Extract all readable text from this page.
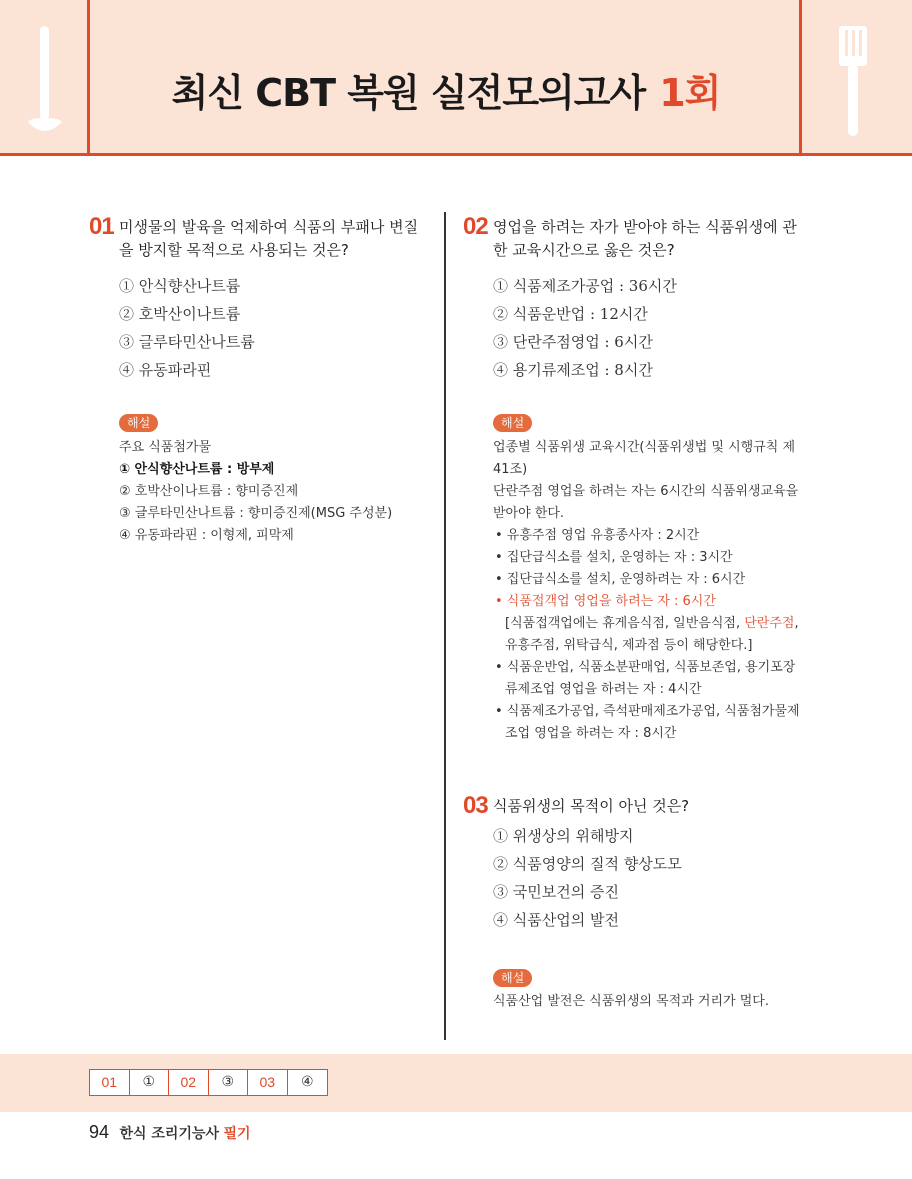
최신 CBT 복원 실전모의고사 1회
01 미생물의 발육을 억제하여 식품의 부패나 변질을 방지할 목적으로 사용되는 것은?
① 안식향산나트륨
② 호박산이나트륨
③ 글루타민산나트륨
④ 유동파라핀
해설
주요 식품첨가물
① 안식향산나트륨 : 방부제
② 호박산이나트륨 : 향미증진제
③ 글루타민산나트륨 : 향미증진제(MSG 주성분)
④ 유동파라핀 : 이형제, 피막제
02 영업을 하려는 자가 받아야 하는 식품위생에 관한 교육시간으로 옳은 것은?
① 식품제조가공업 : 36시간
② 식품운반업 : 12시간
③ 단란주점영업 : 6시간
④ 용기류제조업 : 8시간
해설
업종별 식품위생 교육시간(식품위생법 및 시행규칙 제41조)
단란주점 영업을 하려는 자는 6시간의 식품위생교육을 받아야 한다.
• 유흥주점 영업 유흥종사자 : 2시간
• 집단급식소를 설치, 운영하는 자 : 3시간
• 집단급식소를 설치, 운영하려는 자 : 6시간
• 식품접객업 영업을 하려는 자 : 6시간
[식품접객업에는 휴게음식점, 일반음식점, 단란주점, 유흥주점, 위탁급식, 제과점 등이 해당한다.]
• 식품운반업, 식품소분판매업, 식품보존업, 용기포장류제조업 영업을 하려는 자 : 4시간
• 식품제조가공업, 즉석판매제조가공업, 식품첨가물제조업 영업을 하려는 자 : 8시간
03 식품위생의 목적이 아닌 것은?
① 위생상의 위해방지
② 식품영양의 질적 향상도모
③ 국민보건의 증진
④ 식품산업의 발전
해설
식품산업 발전은 식품위생의 목적과 거리가 멀다.
01	①	02	③	03	④
94 한식 조리기능사 필기
